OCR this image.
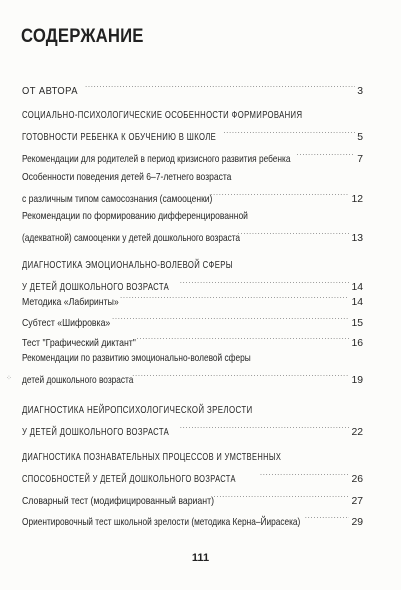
СОДЕРЖАНИЕ
ОТ АВТОРА . . .	3
СОЦИАЛЬНО-ПСИХОЛОГИЧЕСКИЕ ОСОБЕННОСТИ ФОРМИРОВАНИЯ
ГОТОВНОСТИ РЕБЕНКА К ОБУЧЕНИЮ В ШКОЛЕ . . .	5
Рекомендации для родителей в период кризисного развития ребенка . . .	7
Особенности поведения детей 6–7-летнего возраста
с различным типом самосознания (самооценки) . . .	12
Рекомендации по формированию дифференцированной
(адекватной) самооценки у детей дошкольного возраста . . .	13
ДИАГНОСТИКА ЭМОЦИОНАЛЬНО-ВОЛЕВОЙ СФЕРЫ
У ДЕТЕЙ ДОШКОЛЬНОГО ВОЗРАСТА . . .	14
Методика «Лабиринты» . . .	14
Субтест «Шифровка» . . .	15
Тест "Графический диктант" . . .	16
Рекомендации по развитию эмоционально-волевой сферы
детей дошкольного возраста . . .	19
ДИАГНОСТИКА НЕЙРОПСИХОЛОГИЧЕСКОЙ ЗРЕЛОСТИ
У ДЕТЕЙ ДОШКОЛЬНОГО ВОЗРАСТА . . .	22
ДИАГНОСТИКА ПОЗНАВАТЕЛЬНЫХ ПРОЦЕССОВ И УМСТВЕННЫХ
СПОСОБНОСТЕЙ У ДЕТЕЙ ДОШКОЛЬНОГО ВОЗРАСТА . . .	26
Словарный тест (модифицированный вариант) . . .	27
Ориентировочный тест школьной зрелости (методика Керна–Йирасека) . . .	29
111
⁘
